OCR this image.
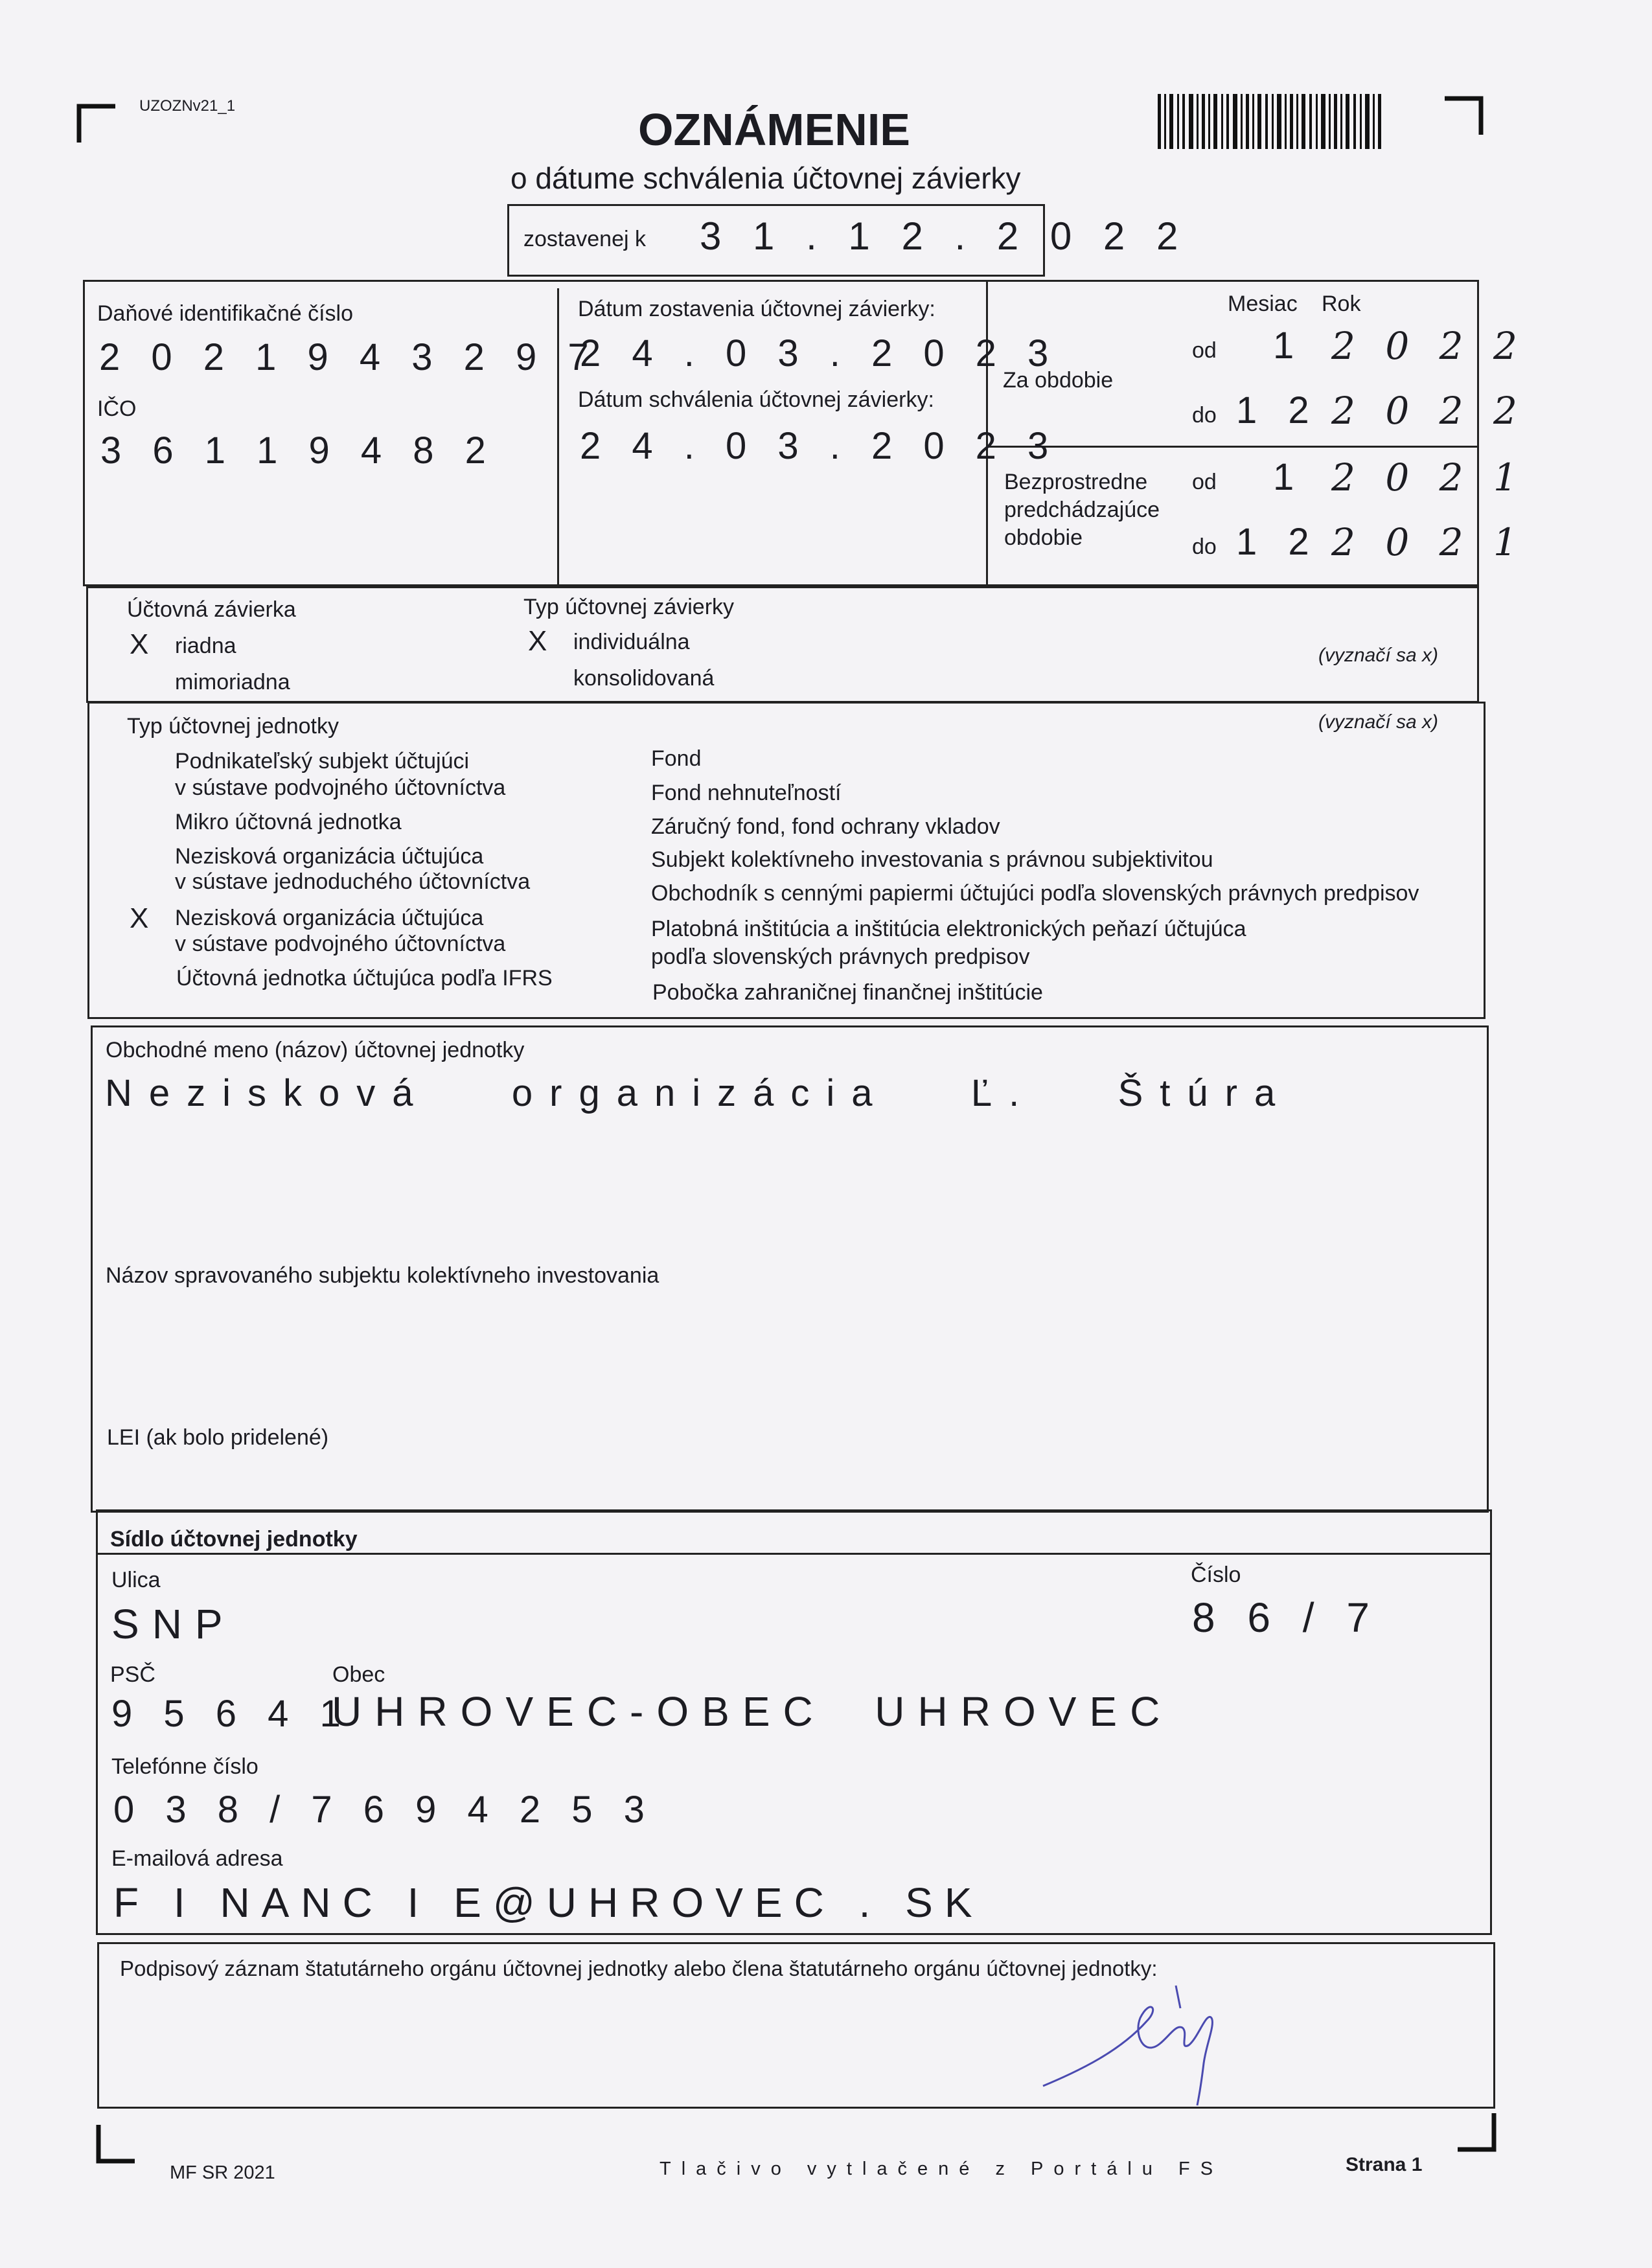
UZOZNv21_1	OZNÁMENIE
o dátume schválenia účtovnej závierky
zostavenej k 3 1 . 1 2 . 2 0 2 2
Daňové identifikačné číslo
2 0 2 1 9 4 3 2 9 7
IČO
3 6 1 1 9 4 8 2
Dátum zostavenia účtovnej závierky:
2 4 . 0 3 . 2 0 2 3
Dátum schválenia účtovnej závierky:
2 4 . 0 3 . 2 0 2 3
Mesiac Rok
Za obdobie
od 1 2 0 2 2
do 1 2 2 0 2 2
Bezprostredne
predchádzajúce
obdobie
od 1 2 0 2 1
do 1 2 2 0 2 1
Účtovná závierka
X riadna
mimoriadna
Typ účtovnej závierky
X individuálna
konsolidovaná
(vyznačí sa x)
Typ účtovnej jednotky	(vyznačí sa x)
Podnikateľský subjekt účtujúci
v sústave podvojného účtovníctva
Mikro účtovná jednotka
Nezisková organizácia účtujúca
v sústave jednoduchého účtovníctva
X Nezisková organizácia účtujúca
v sústave podvojného účtovníctva
Účtovná jednotka účtujúca podľa IFRS
Fond
Fond nehnuteľností
Záručný fond, fond ochrany vkladov
Subjekt kolektívneho investovania s právnou subjektivitou
Obchodník s cennými papiermi účtujúci podľa slovenských právnych predpisov
Platobná inštitúcia a inštitúcia elektronických peňazí účtujúca
podľa slovenských právnych predpisov
Pobočka zahraničnej finančnej inštitúcie
Obchodné meno (názov) účtovnej jednotky
Nezisková   organizácia   Ľ.   Štúra
Názov spravovaného subjektu kolektívneho investovania
LEI (ak bolo pridelené)
Sídlo účtovnej jednotky
Ulica
SNP
Číslo
8 6 / 7
PSČ	Obec
9 5 6 4 1
UHROVEC-OBEC  UHROVEC
Telefónne číslo
0 3 8 / 7 6 9 4 2 5 3
E-mailová adresa
F I NANC I E@UHROVEC . SK
Podpisový záznam štatutárneho orgánu účtovnej jednotky alebo člena štatutárneho orgánu účtovnej jednotky:
MF SR 2021	Tlačivo vytlačené z Portálu FS	Strana 1
